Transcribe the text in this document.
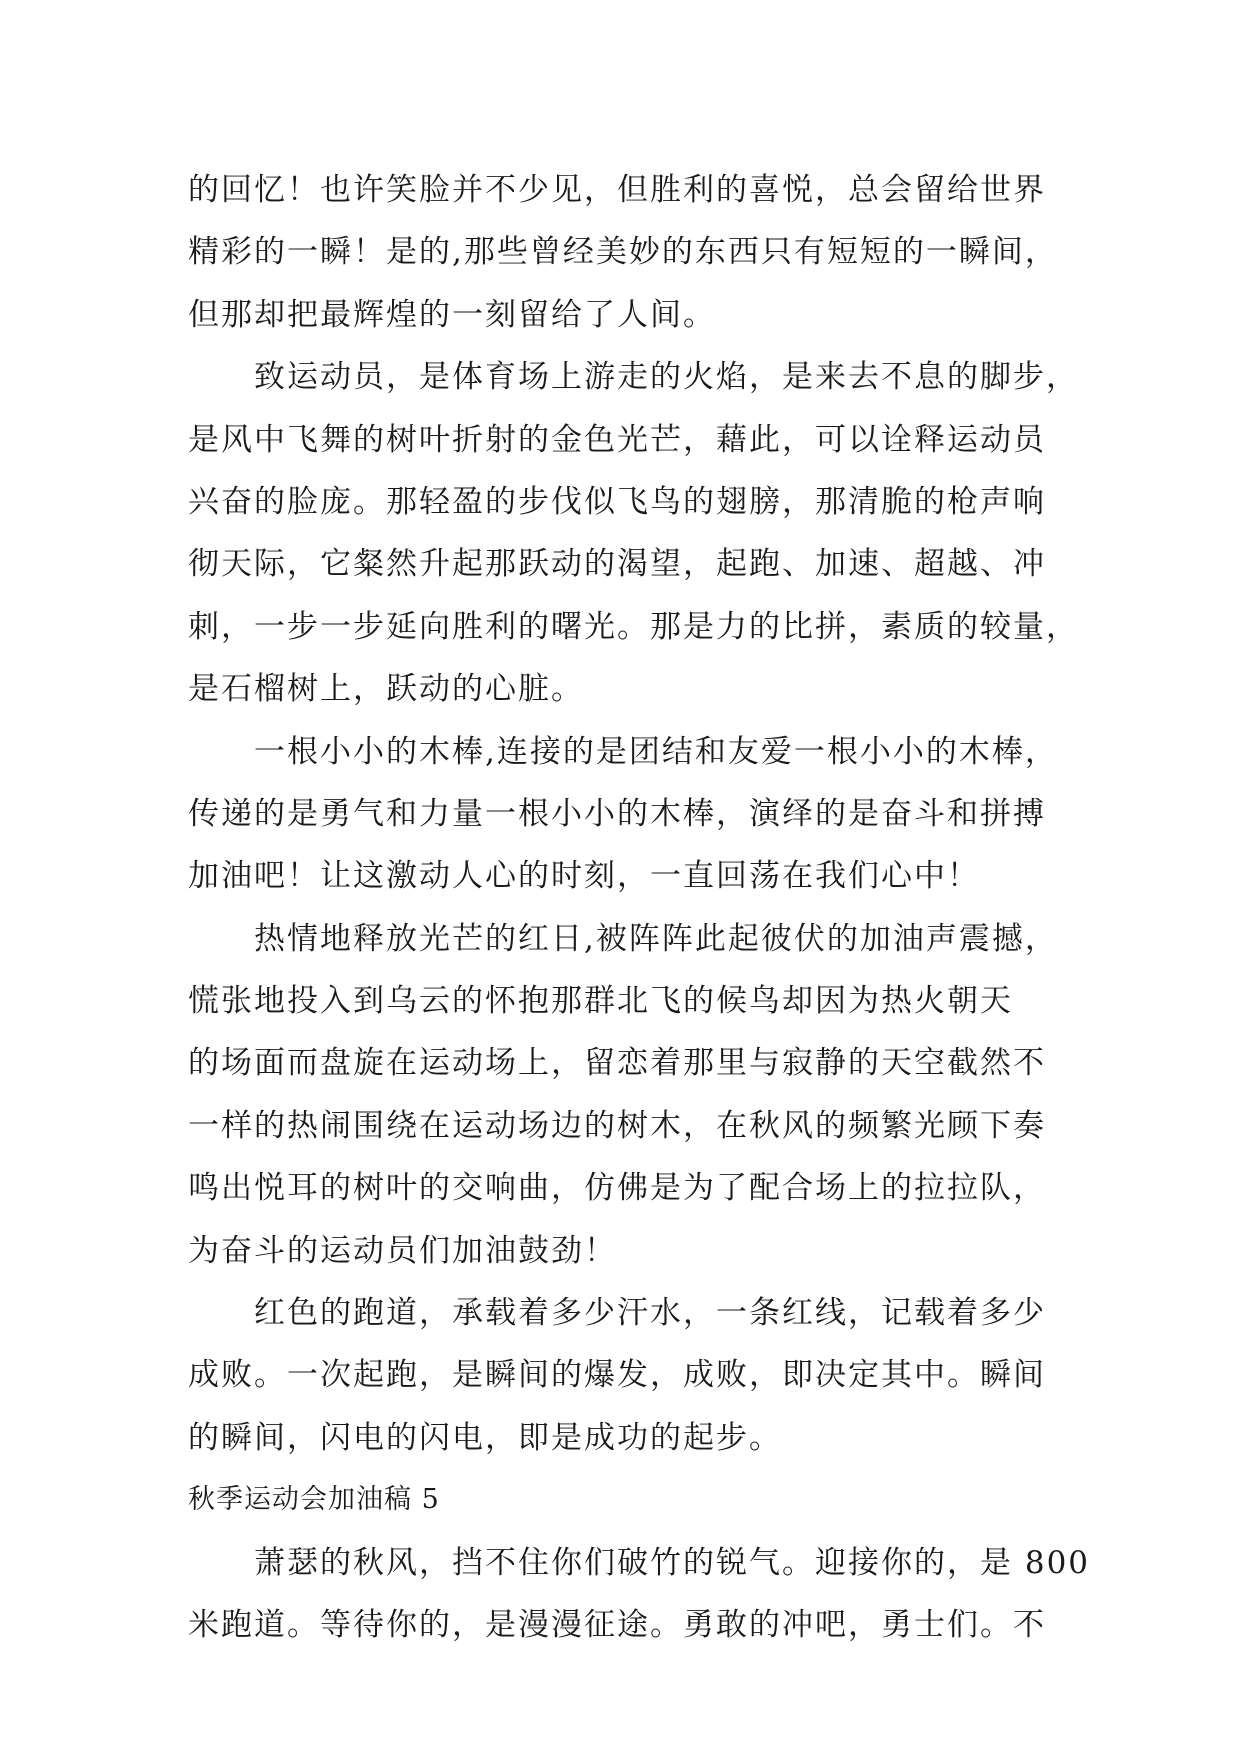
的回忆！也许笑脸并不少见，但胜利的喜悦，总会留给世界
精彩的一瞬！是的,那些曾经美妙的东西只有短短的一瞬间，
但那却把最辉煌的一刻留给了人间。
致运动员，是体育场上游走的火焰，是来去不息的脚步，
是风中飞舞的树叶折射的金色光芒，藉此，可以诠释运动员
兴奋的脸庞。那轻盈的步伐似飞鸟的翅膀，那清脆的枪声响
彻天际，它粲然升起那跃动的渴望，起跑、加速、超越、冲
刺，一步一步延向胜利的曙光。那是力的比拼，素质的较量，
是石榴树上，跃动的心脏。
一根小小的木棒,连接的是团结和友爱一根小小的木棒，
传递的是勇气和力量一根小小的木棒，演绎的是奋斗和拼搏
加油吧！让这激动人心的时刻，一直回荡在我们心中！
热情地释放光芒的红日,被阵阵此起彼伏的加油声震撼，
慌张地投入到乌云的怀抱那群北飞的候鸟却因为热火朝天
的场面而盘旋在运动场上，留恋着那里与寂静的天空截然不
一样的热闹围绕在运动场边的树木，在秋风的频繁光顾下奏
鸣出悦耳的树叶的交响曲，仿佛是为了配合场上的拉拉队，
为奋斗的运动员们加油鼓劲！
红色的跑道，承载着多少汗水，一条红线，记载着多少
成败。一次起跑，是瞬间的爆发，成败，即决定其中。瞬间
的瞬间，闪电的闪电，即是成功的起步。
秋季运动会加油稿 5
萧瑟的秋风，挡不住你们破竹的锐气。迎接你的，是 800
米跑道。等待你的，是漫漫征途。勇敢的冲吧，勇士们。不
